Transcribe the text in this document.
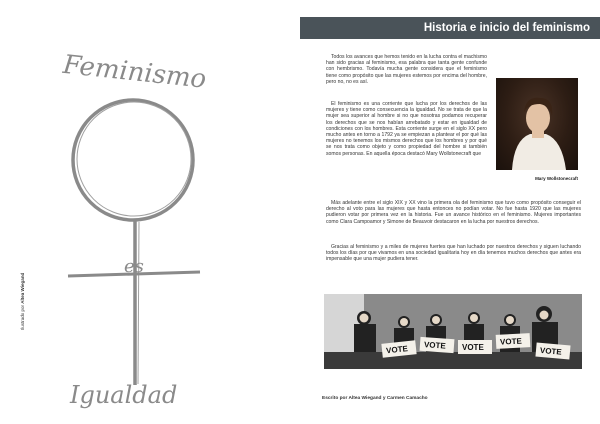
Feminismo
es
Igualdad
Ilustrado por Altea Wiegand
Historia e inicio del feminismo

Todos los avances que hemos tenido en la lucha contra el machismo han sido gracias al feminismo, esa palabra que tanta gente confunde con hembrismo. Todavía mucha gente considera que el feminismo tiene como propósito que las mujeres estemos por encima del hombre, pero no, no es así.

El feminismo es una corriente que lucha por los derechos de las mujeres y tiene como consecuencia la igualdad. No se trata de que la mujer sea superior al hombre si no que nosotras podamos recuperar los derechos que se nos habían arrebatado y estar en igualdad de condiciones con los hombres. Esta corriente surge en el siglo XX pero mucho antes en torno a 1792 ya se empiezan a plantear el por qué las mujeres no tenemos los mismos derechos que los hombres y por qué se nos trata como objeto y como propiedad del hombre si también somos personas. En aquella época destacó Mary Wollstonecraft que

Mary Wollstonecraft

Más adelante entre el siglo XIX y XX vino la primera ola del feminismo que tuvo como propósito conseguir el derecho al voto para las mujeres que hasta entonces no podían votar. No fue hasta 1920 que las mujeres pudieron votar por primera vez en la historia. Fue un avance histórico en el feminismo. Mujeres importantes como Clara Campoamor y Simone de Beauvoir destacaron en la lucha por nuestros derechos.

Gracias al feminismo y a miles de mujeres fuertes que han luchado por nuestros derechos y siguen luchando todos los días por que vivamos en una sociedad igualitaria hoy en día tenemos muchos derechos que antes era impensable que una mujer pudiera tener.

VOTE VOTE VOTE
VOTE
VOTE
Escrito por Altea Wiegand y Carmen Camacho
